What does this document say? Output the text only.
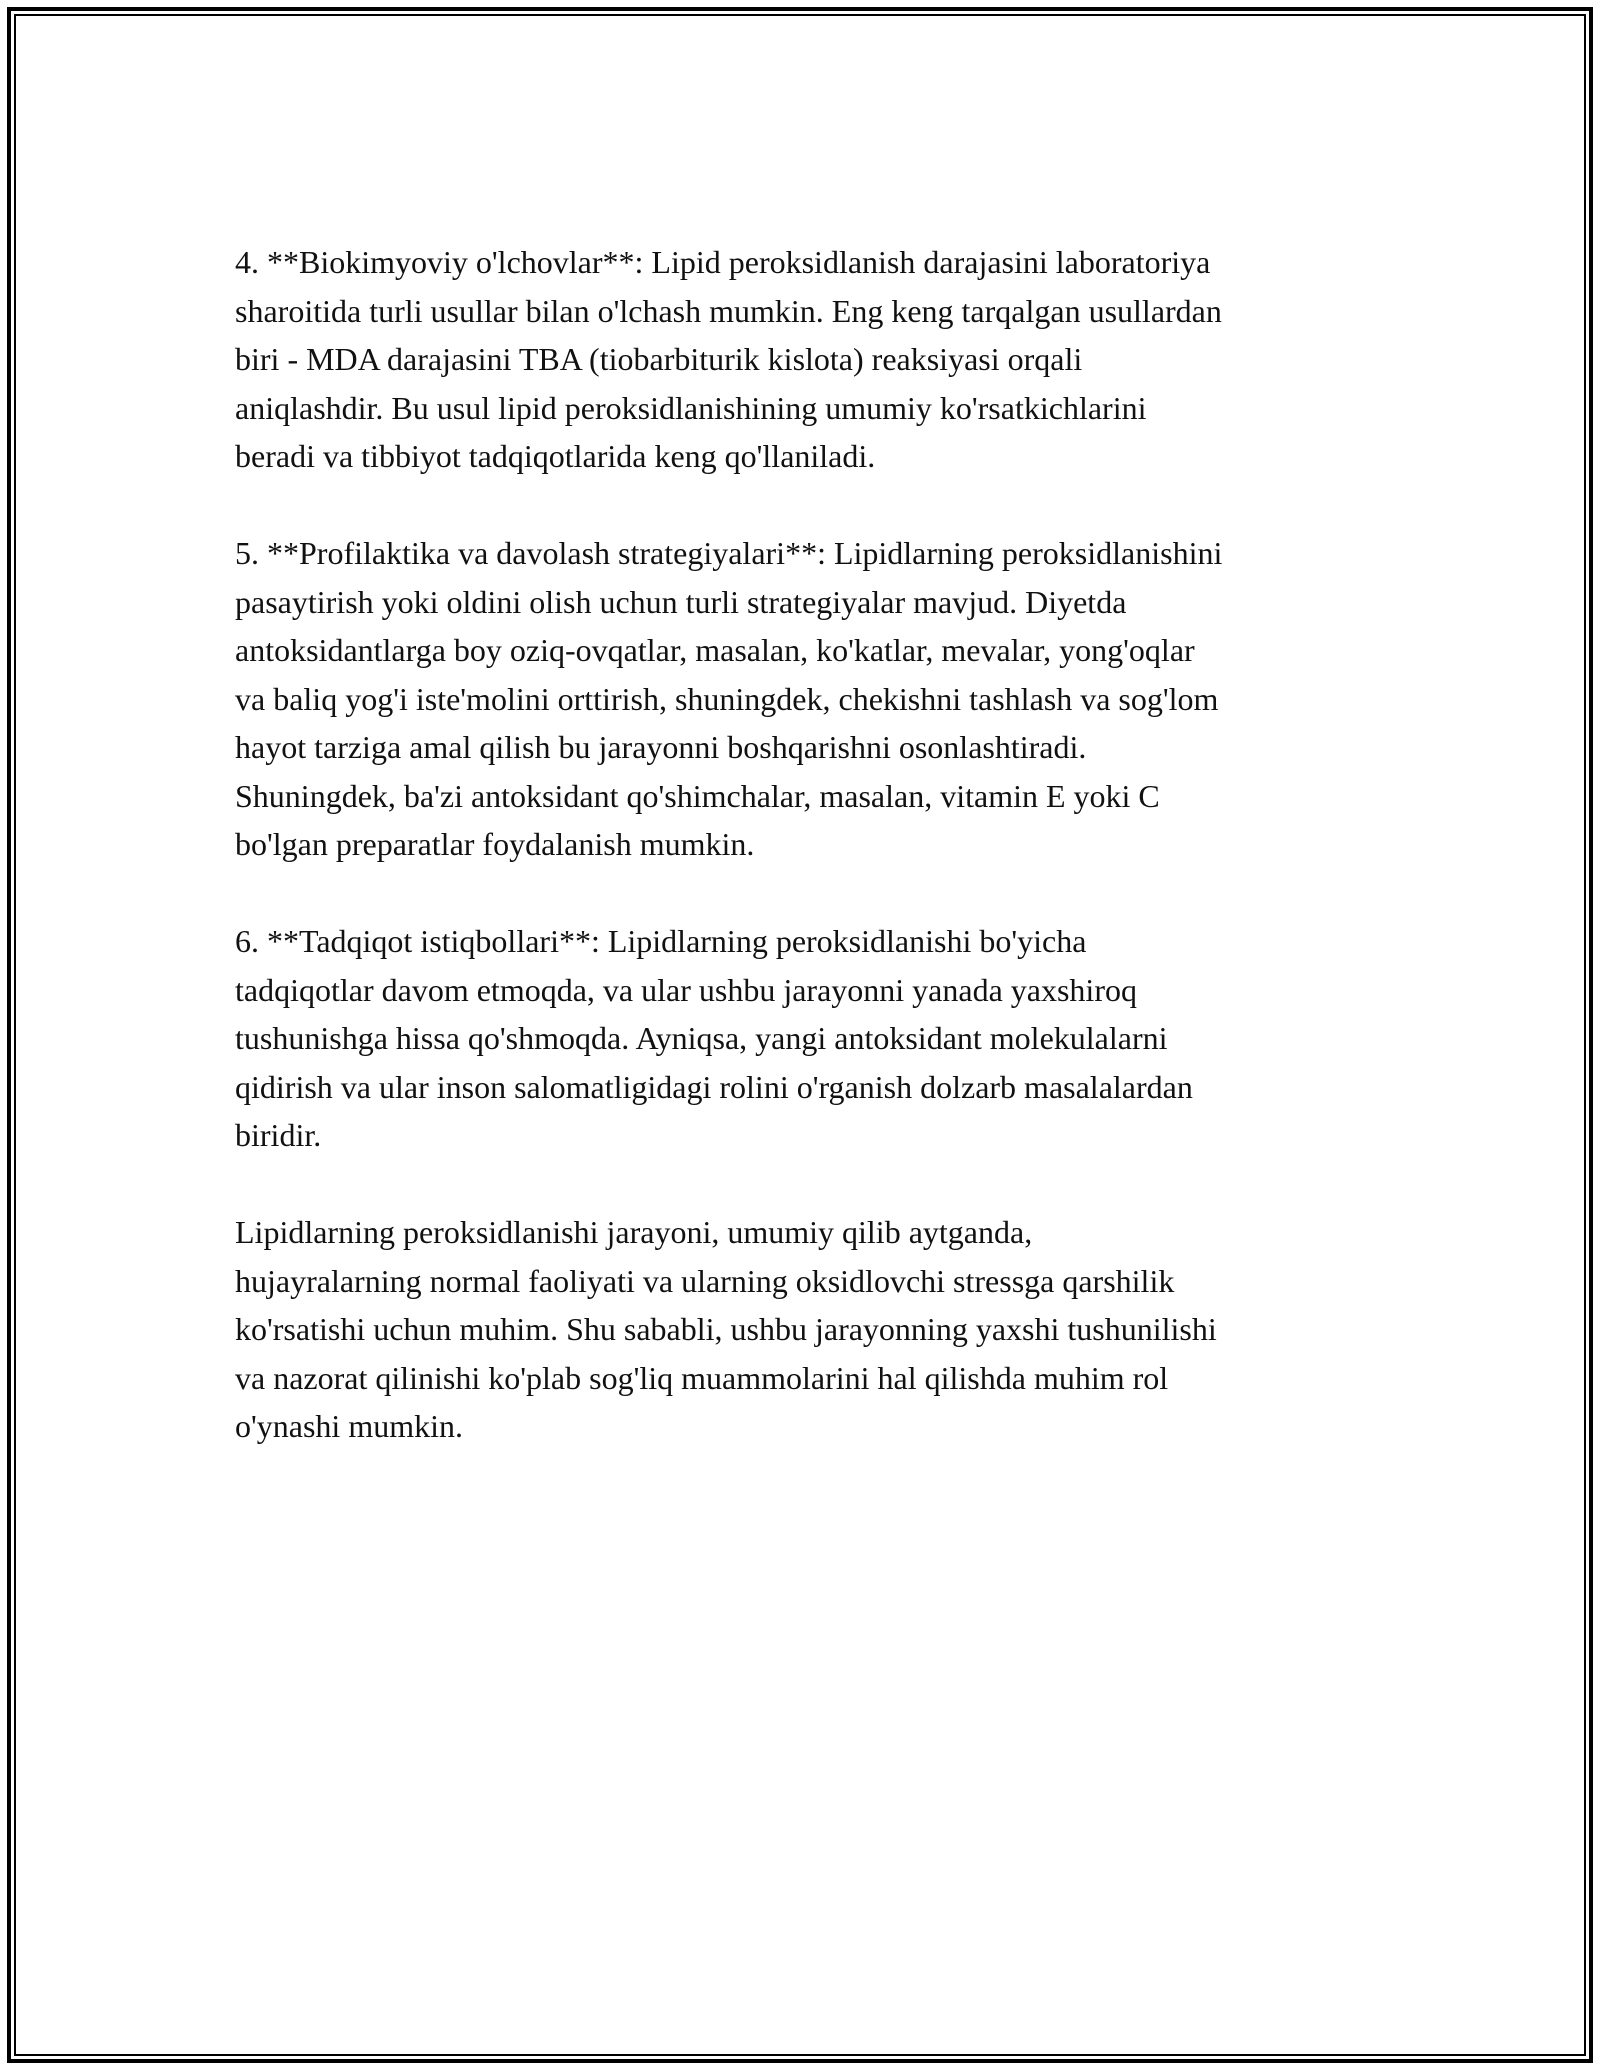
4. **Biokimyoviy o'lchovlar**: Lipid peroksidlanish darajasini laboratoriya
sharoitida turli usullar bilan o'lchash mumkin. Eng keng tarqalgan usullardan
biri - MDA darajasini TBA (tiobarbiturik kislota) reaksiyasi orqali
aniqlashdir. Bu usul lipid peroksidlanishining umumiy ko'rsatkichlarini
beradi va tibbiyot tadqiqotlarida keng qo'llaniladi.

5. **Profilaktika va davolash strategiyalari**: Lipidlarning peroksidlanishini
pasaytirish yoki oldini olish uchun turli strategiyalar mavjud. Diyetda
antoksidantlarga boy oziq-ovqatlar, masalan, ko'katlar, mevalar, yong'oqlar
va baliq yog'i iste'molini orttirish, shuningdek, chekishni tashlash va sog'lom
hayot tarziga amal qilish bu jarayonni boshqarishni osonlashtiradi.
Shuningdek, ba'zi antoksidant qo'shimchalar, masalan, vitamin E yoki C
bo'lgan preparatlar foydalanish mumkin.

6. **Tadqiqot istiqbollari**: Lipidlarning peroksidlanishi bo'yicha
tadqiqotlar davom etmoqda, va ular ushbu jarayonni yanada yaxshiroq
tushunishga hissa qo'shmoqda. Ayniqsa, yangi antoksidant molekulalarni
qidirish va ular inson salomatligidagi rolini o'rganish dolzarb masalalardan
biridir.

Lipidlarning peroksidlanishi jarayoni, umumiy qilib aytganda,
hujayralarning normal faoliyati va ularning oksidlovchi stressga qarshilik
ko'rsatishi uchun muhim. Shu sababli, ushbu jarayonning yaxshi tushunilishi
va nazorat qilinishi ko'plab sog'liq muammolarini hal qilishda muhim rol
o'ynashi mumkin.
